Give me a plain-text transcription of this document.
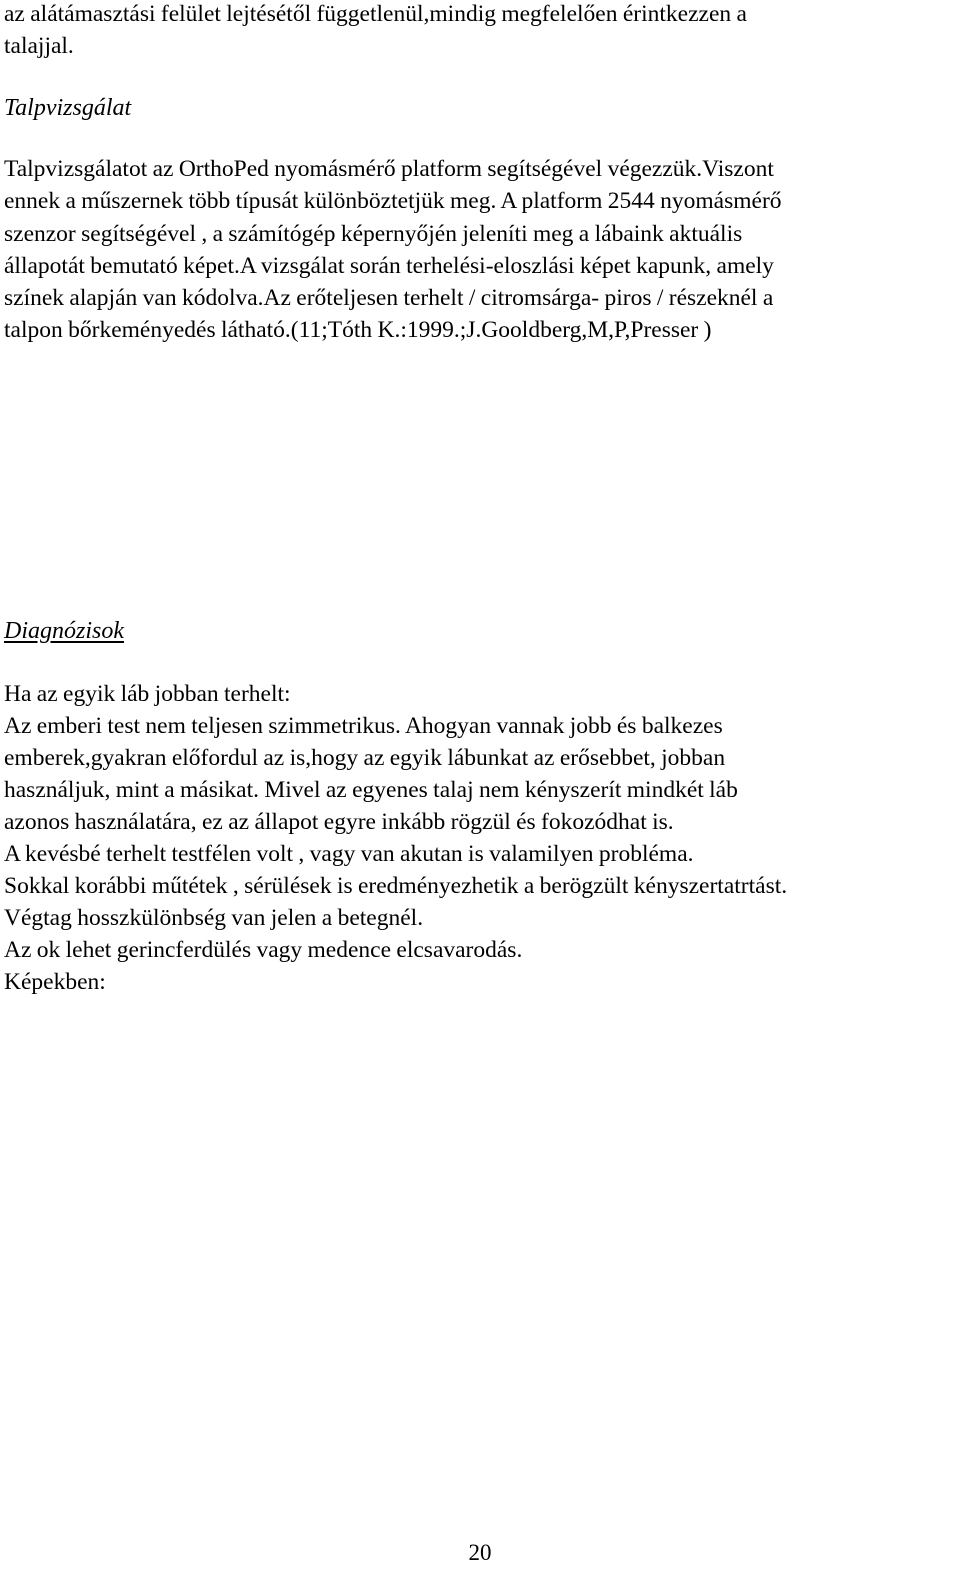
az alátámasztási felület lejtésétől függetlenül,mindig megfelelően érintkezzen a
talajjal.

Talpvizsgálat

Talpvizsgálatot az OrthoPed nyomásmérő platform segítségével végezzük.Viszont
ennek a műszernek több típusát különböztetjük meg. A platform 2544 nyomásmérő
szenzor segítségével , a számítógép képernyőjén jeleníti meg a lábaink aktuális
állapotát bemutató képet.A vizsgálat során terhelési-eloszlási képet kapunk, amely
színek alapján van kódolva.Az erőteljesen terhelt / citromsárga- piros / részeknél a
talpon bőrkeményedés látható.(11;Tóth K.:1999.;J.Gooldberg,M,P,Presser )

Diagnózisok

Ha az egyik láb jobban terhelt:
Az emberi test nem teljesen szimmetrikus. Ahogyan vannak jobb és balkezes
emberek,gyakran előfordul az is,hogy az egyik lábunkat az erősebbet, jobban
használjuk, mint a másikat. Mivel az egyenes talaj nem kényszerít mindkét láb
azonos használatára, ez az állapot egyre inkább rögzül és fokozódhat is.
A kevésbé terhelt testfélen volt , vagy van akutan is valamilyen probléma.
Sokkal korábbi műtétek , sérülések is eredményezhetik a berögzült kényszertatrtást.
Végtag hosszkülönbség van jelen a betegnél.
Az ok lehet gerincferdülés vagy medence elcsavarodás.
Képekben:

20
